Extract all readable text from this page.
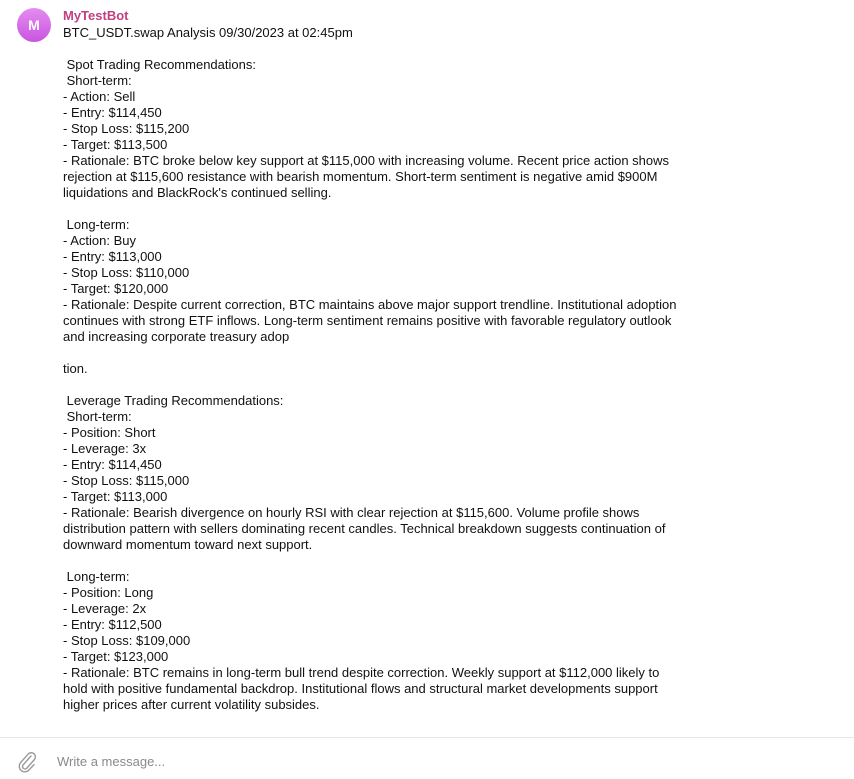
M
MyTestBot
BTC_USDT.swap Analysis 09/30/2023 at 02:45pm
Spot Trading Recommendations:
Short-term:
- Action: Sell
- Entry: $114,450
- Stop Loss: $115,200
- Target: $113,500
- Rationale: BTC broke below key support at $115,000 with increasing volume. Recent price action shows
rejection at $115,600 resistance with bearish momentum. Short-term sentiment is negative amid $900M
liquidations and BlackRock's continued selling.
Long-term:
- Action: Buy
- Entry: $113,000
- Stop Loss: $110,000
- Target: $120,000
- Rationale: Despite current correction, BTC maintains above major support trendline. Institutional adoption
continues with strong ETF inflows. Long-term sentiment remains positive with favorable regulatory outlook
and increasing corporate treasury adop
tion.
Leverage Trading Recommendations:
Short-term:
- Position: Short
- Leverage: 3x
- Entry: $114,450
- Stop Loss: $115,000
- Target: $113,000
- Rationale: Bearish divergence on hourly RSI with clear rejection at $115,600. Volume profile shows
distribution pattern with sellers dominating recent candles. Technical breakdown suggests continuation of
downward momentum toward next support.
Long-term:
- Position: Long
- Leverage: 2x
- Entry: $112,500
- Stop Loss: $109,000
- Target: $123,000
- Rationale: BTC remains in long-term bull trend despite correction. Weekly support at $112,000 likely to
hold with positive fundamental backdrop. Institutional flows and structural market developments support
higher prices after current volatility subsides.
Write a message...
